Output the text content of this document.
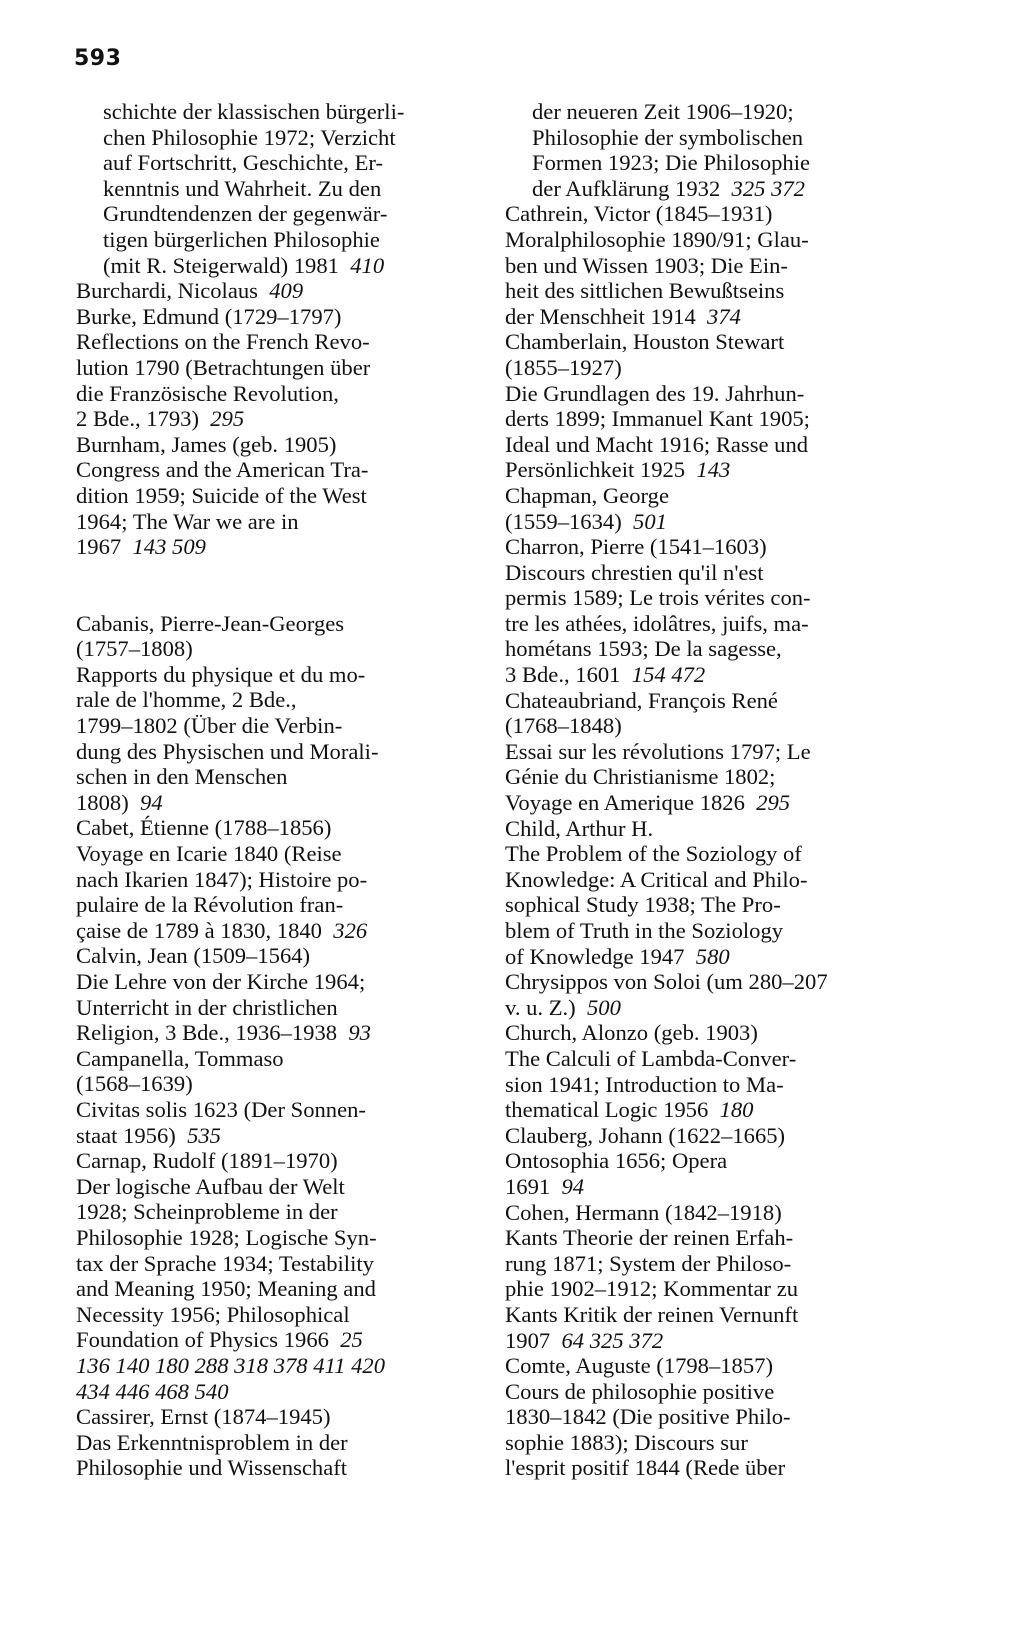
593
schichte der klassischen bürgerli-
chen Philosophie 1972; Verzicht
auf Fortschritt, Geschichte, Er-
kenntnis und Wahrheit. Zu den
Grundtendenzen der gegenwär-
tigen bürgerlichen Philosophie
(mit R. Steigerwald) 1981 410
Burchardi, Nicolaus 409
Burke, Edmund (1729–1797)
Reflections on the French Revo-
lution 1790 (Betrachtungen über
die Französische Revolution,
2 Bde., 1793) 295
Burnham, James (geb. 1905)
Congress and the American Tra-
dition 1959; Suicide of the West
1964; The War we are in
1967 143 509
Cabanis, Pierre-Jean-Georges
(1757–1808)
Rapports du physique et du mo-
rale de l'homme, 2 Bde.,
1799–1802 (Über die Verbin-
dung des Physischen und Morali-
schen in den Menschen
1808) 94
Cabet, Étienne (1788–1856)
Voyage en Icarie 1840 (Reise
nach Ikarien 1847); Histoire po-
pulaire de la Révolution fran-
çaise de 1789 à 1830, 1840 326
Calvin, Jean (1509–1564)
Die Lehre von der Kirche 1964;
Unterricht in der christlichen
Religion, 3 Bde., 1936–1938 93
Campanella, Tommaso
(1568–1639)
Civitas solis 1623 (Der Sonnen-
staat 1956) 535
Carnap, Rudolf (1891–1970)
Der logische Aufbau der Welt
1928; Scheinprobleme in der
Philosophie 1928; Logische Syn-
tax der Sprache 1934; Testability
and Meaning 1950; Meaning and
Necessity 1956; Philosophical
Foundation of Physics 1966 25
136 140 180 288 318 378 411 420
434 446 468 540
Cassirer, Ernst (1874–1945)
Das Erkenntnisproblem in der
Philosophie und Wissenschaft
der neueren Zeit 1906–1920;
Philosophie der symbolischen
Formen 1923; Die Philosophie
der Aufklärung 1932 325 372
Cathrein, Victor (1845–1931)
Moralphilosophie 1890/91; Glau-
ben und Wissen 1903; Die Ein-
heit des sittlichen Bewußtseins
der Menschheit 1914 374
Chamberlain, Houston Stewart
(1855–1927)
Die Grundlagen des 19. Jahrhun-
derts 1899; Immanuel Kant 1905;
Ideal und Macht 1916; Rasse und
Persönlichkeit 1925 143
Chapman, George
(1559–1634) 501
Charron, Pierre (1541–1603)
Discours chrestien qu'il n'est
permis 1589; Le trois vérites con-
tre les athées, idolâtres, juifs, ma-
hométans 1593; De la sagesse,
3 Bde., 1601 154 472
Chateaubriand, François René
(1768–1848)
Essai sur les révolutions 1797; Le
Génie du Christianisme 1802;
Voyage en Amerique 1826 295
Child, Arthur H.
The Problem of the Soziology of
Knowledge: A Critical and Philo-
sophical Study 1938; The Pro-
blem of Truth in the Soziology
of Knowledge 1947 580
Chrysippos von Soloi (um 280–207
v. u. Z.) 500
Church, Alonzo (geb. 1903)
The Calculi of Lambda-Conver-
sion 1941; Introduction to Ma-
thematical Logic 1956 180
Clauberg, Johann (1622–1665)
Ontosophia 1656; Opera
1691 94
Cohen, Hermann (1842–1918)
Kants Theorie der reinen Erfah-
rung 1871; System der Philoso-
phie 1902–1912; Kommentar zu
Kants Kritik der reinen Vernunft
1907 64 325 372
Comte, Auguste (1798–1857)
Cours de philosophie positive
1830–1842 (Die positive Philo-
sophie 1883); Discours sur
l'esprit positif 1844 (Rede über
